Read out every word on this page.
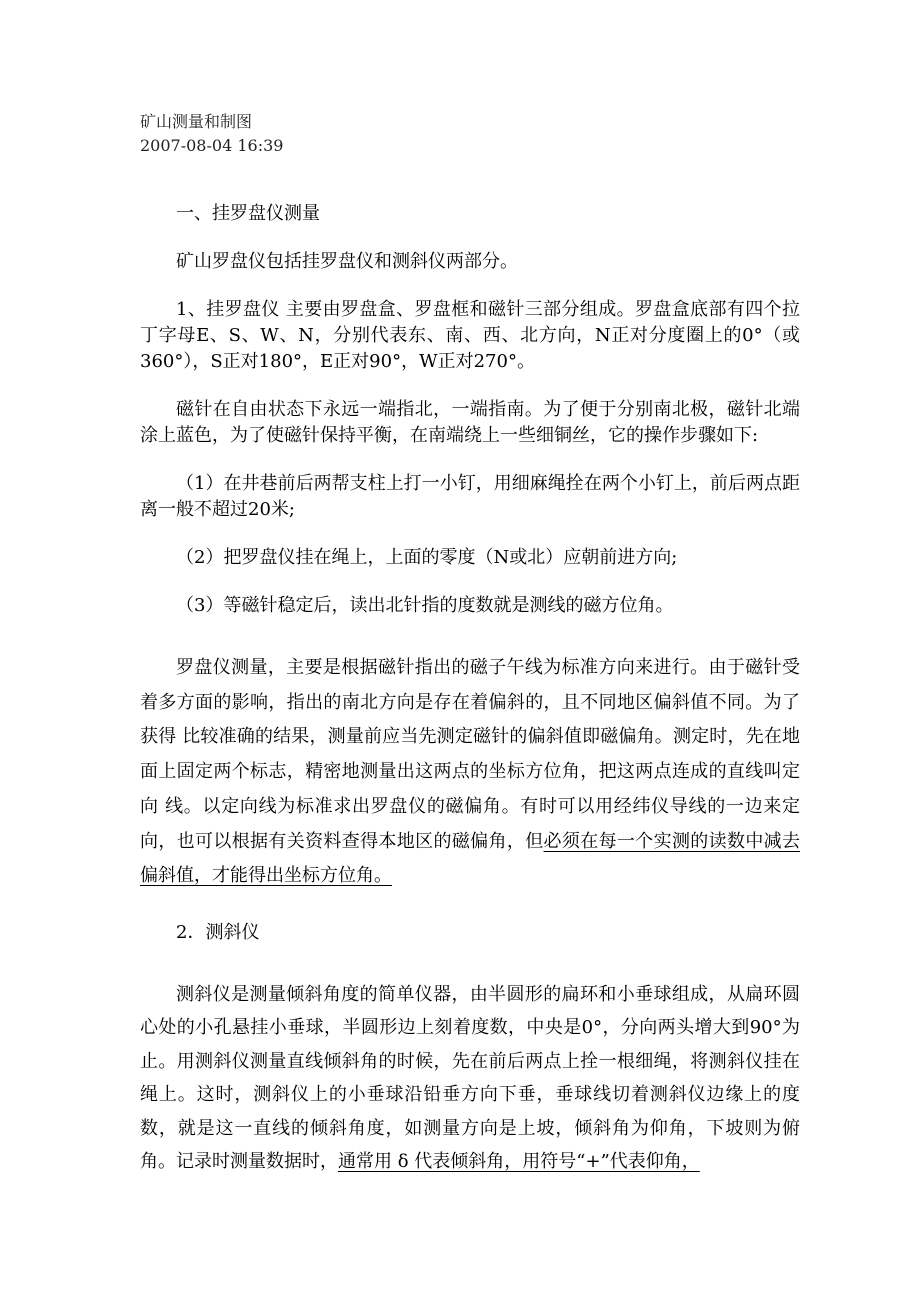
矿山测量和制图
2007-08-04 16:39

一、挂罗盘仪测量

矿山罗盘仪包括挂罗盘仪和测斜仪两部分。

1、挂罗盘仪 主要由罗盘盒、罗盘框和磁针三部分组成。罗盘盒底部有四个拉丁字母E、S、W、N，分别代表东、南、西、北方向，N正对分度圈上的0°（或360°），S正对180°，E正对90°，W正对270°。

磁针在自由状态下永远一端指北，一端指南。为了便于分别南北极，磁针北端涂上蓝色，为了使磁针保持平衡，在南端绕上一些细铜丝，它的操作步骤如下:

（1）在井巷前后两帮支柱上打一小钉，用细麻绳拴在两个小钉上，前后两点距离一般不超过20米;

（2）把罗盘仪挂在绳上，上面的零度（N或北）应朝前进方向;

（3）等磁针稳定后，读出北针指的度数就是测线的磁方位角。

罗盘仪测量，主要是根据磁针指出的磁子午线为标准方向来进行。由于磁针受着多方面的影响，指出的南北方向是存在着偏斜的，且不同地区偏斜值不同。为了获得 比较准确的结果，测量前应当先测定磁针的偏斜值即磁偏角。测定时，先在地面上固定两个标志，精密地测量出这两点的坐标方位角，把这两点连成的直线叫定向 线。以定向线为标准求出罗盘仪的磁偏角。有时可以用经纬仪导线的一边来定向，也可以根据有关资料查得本地区的磁偏角，但必须在每一个实测的读数中减去偏斜值，才能得出坐标方位角。

2．测斜仪

测斜仪是测量倾斜角度的简单仪器，由半圆形的扁环和小垂球组成，从扁环圆心处的小孔悬挂小垂球，半圆形边上刻着度数，中央是0°，分向两头增大到90°为止。用测斜仪测量直线倾斜角的时候，先在前后两点上拴一根细绳，将测斜仪挂在绳上。这时，测斜仪上的小垂球沿铅垂方向下垂，垂球线切着测斜仪边缘上的度数，就是这一直线的倾斜角度，如测量方向是上坡，倾斜角为仰角，下坡则为俯角。记录时测量数据时，通常用 δ 代表倾斜角，用符号“+”代表仰角，
